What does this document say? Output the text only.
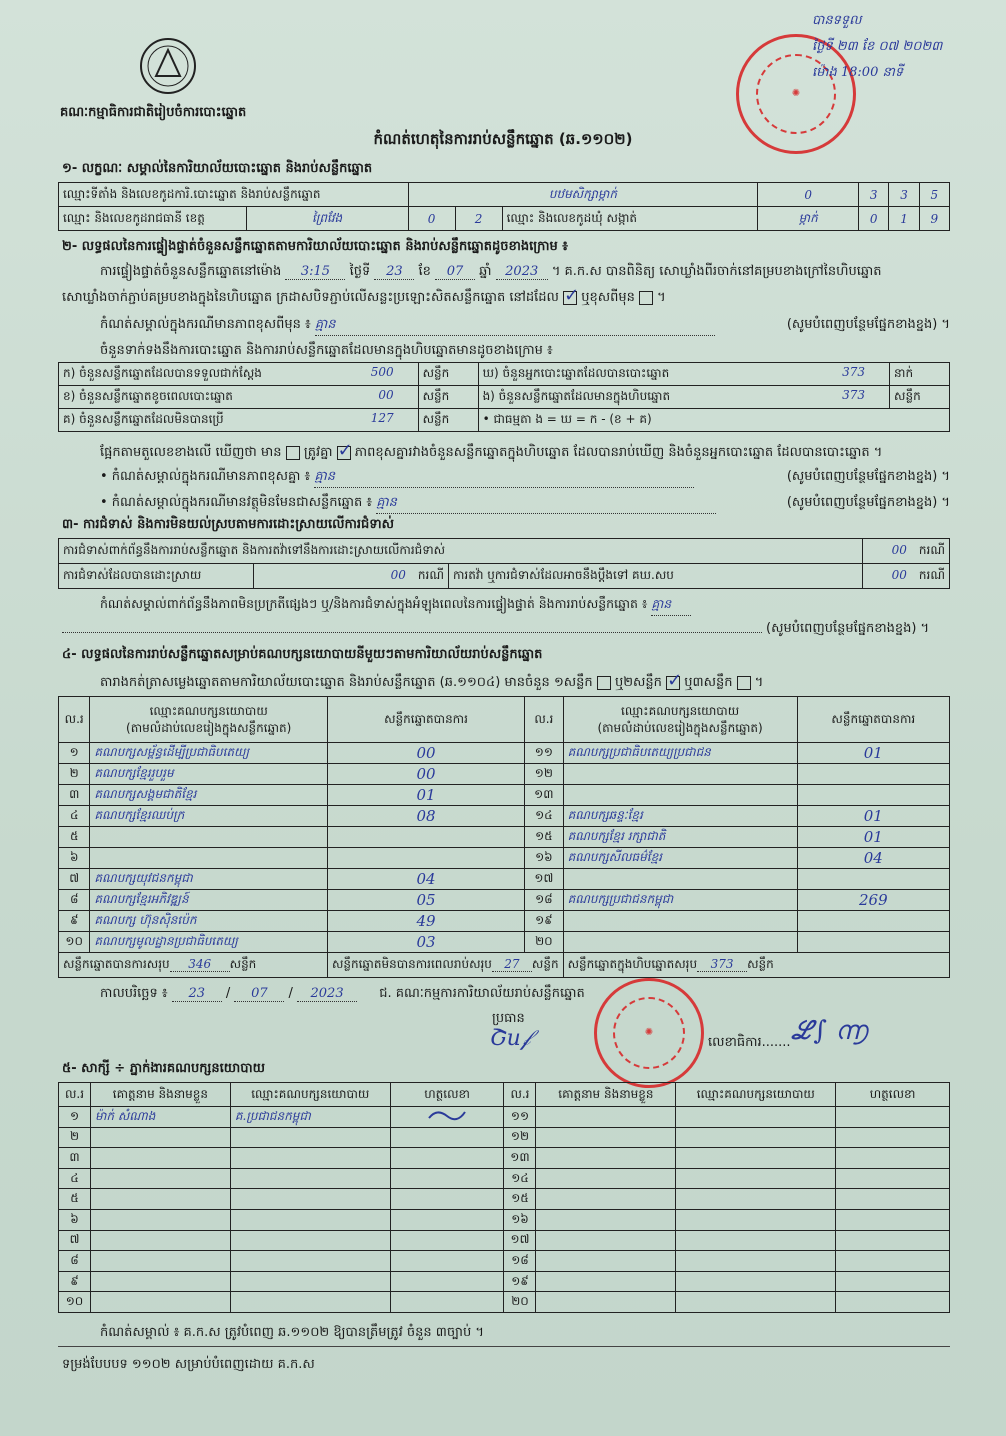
គណៈកម្មាធិការជាតិរៀបចំការបោះឆ្នោត
កំណត់ហេតុនៃការរាប់សន្លឹកឆ្នោត (ឆ.១១០២)
✺
បានទទួល
ថ្ងៃទី ២៣ ខែ ០៧ ២០២៣
ម៉ោង 18:00 នាទី
១- លក្ខណៈ សម្គាល់នៃការិយាល័យបោះឆ្នោត និងរាប់សន្លឹកឆ្នោត
ឈ្មោះទីតាំង និងលេខកូដការិ.បោះឆ្នោត និងរាប់សន្លឹកឆ្នោត		បឋមសិក្សាម្កាក់			0	3	3	5
ឈ្មោះ និងលេខកូដរាជធានី ខេត្ត	ព្រៃវែង	0	2	ឈ្មោះ និងលេខកូដឃុំ សង្កាត់	ម្កាក់	0	1	9
២- លទ្ធផលនៃការផ្ទៀងផ្ទាត់ចំនួនសន្លឹកឆ្នោតតាមការិយាល័យបោះឆ្នោត និងរាប់សន្លឹកឆ្នោតដូចខាងក្រោម ៖
ការផ្ទៀងផ្ទាត់ចំនួនសន្លឹកឆ្នោតនៅម៉ោង 3:15 ថ្ងៃទី 23 ខែ 07 ឆ្នាំ 2023 ។ គ.ក.ស បានពិនិត្យ សោឃ្លាំងពីរចាក់នៅគម្របខាងក្រៅនៃហិបឆ្នោត
សោឃ្លាំងចាក់ភ្ជាប់គម្របខាងក្នុងនៃហិបឆ្នោត ក្រដាសបិទភ្ជាប់លើសន្លះប្រឡោះសិតសន្លឹកឆ្នោត នៅដដែល ✓ ឬខុសពីមុន  ។
កំណត់សម្គាល់ក្នុងករណីមានភាពខុសពីមុន ៖ គ្មាន	(សូមបំពេញបន្ថែមផ្នែកខាងខ្នង) ។
ចំនួនទាក់ទងនឹងការបោះឆ្នោត និងការរាប់សន្លឹកឆ្នោតដែលមានក្នុងហិបឆ្នោតមានដូចខាងក្រោម ៖
ក) ចំនួនសន្លឹកឆ្នោតដែលបានទទួលជាក់ស្តែង 500	សន្លឹក	ឃ) ចំនួនអ្នកបោះឆ្នោតដែលបានបោះឆ្នោត 373	នាក់
ខ) ចំនួនសន្លឹកឆ្នោតខូចពេលបោះឆ្នោត 00	សន្លឹក	ង) ចំនួនសន្លឹកឆ្នោតដែលមានក្នុងហិបឆ្នោត 373	សន្លឹក
គ) ចំនួនសន្លឹកឆ្នោតដែលមិនបានប្រើ 127	សន្លឹក	• ជាធម្មតា ង = ឃ = ក - (ខ + គ)	
ផ្អែកតាមតួលេខខាងលើ ឃើញថា មាន ត្រូវគ្នា ✓ ភាពខុសគ្នារវាងចំនួនសន្លឹកឆ្នោតក្នុងហិបឆ្នោត ដែលបានរាប់ឃើញ និងចំនួនអ្នកបោះឆ្នោត ដែលបានបោះឆ្នោត ។
• កំណត់សម្គាល់ក្នុងករណីមានភាពខុសគ្នា ៖ គ្មាន	(សូមបំពេញបន្ថែមផ្នែកខាងខ្នង) ។
• កំណត់សម្គាល់ក្នុងករណីមានវត្ថុមិនមែនជាសន្លឹកឆ្នោត ៖ គ្មាន	(សូមបំពេញបន្ថែមផ្នែកខាងខ្នង) ។
៣- ការជំទាស់ និងការមិនយល់ស្របតាមការដោះស្រាយលើការជំទាស់
ការជំទាស់ពាក់ព័ន្ធនឹងការរាប់សន្លឹកឆ្នោត និងការតវ៉ាទៅនឹងការដោះស្រាយលើការជំទាស់			00 ករណី
ការជំទាស់ដែលបានដោះស្រាយ	00 ករណី	ការតវ៉ា ឬការជំទាស់ដែលអាចនឹងប្តឹងទៅ គឃ.សប	00 ករណី
កំណត់សម្គាល់ពាក់ព័ន្ធនឹងភាពមិនប្រក្រតីផ្សេងៗ ឬ/និងការជំទាស់ក្នុងអំឡុងពេលនៃការផ្ទៀងផ្ទាត់ និងការរាប់សន្លឹកឆ្នោត ៖ គ្មាន
(សូមបំពេញបន្ថែមផ្នែកខាងខ្នង) ។
៤- លទ្ធផលនៃការរាប់សន្លឹកឆ្នោតសម្រាប់គណបក្សនយោបាយនីមួយៗតាមការិយាល័យរាប់សន្លឹកឆ្នោត
តារាងកត់ត្រាសម្លេងឆ្នោតតាមការិយាល័យបោះឆ្នោត និងរាប់សន្លឹកឆ្នោត (ឆ.១១០៤) មានចំនួន ១សន្លឹក ឬ២សន្លឹក ✓ ឬ៣សន្លឹក  ។
ល.រ	ឈ្មោះគណបក្សនយោបាយ
(តាមលំដាប់លេខរៀងក្នុងសន្លឹកឆ្នោត)	សន្លឹកឆ្នោតបានការ	ល.រ	ឈ្មោះគណបក្សនយោបាយ
(តាមលំដាប់លេខរៀងក្នុងសន្លឹកឆ្នោត)	សន្លឹកឆ្នោតបានការ
១	គណបក្សសម្ព័ន្ធដើម្បីប្រជាធិបតេយ្យ	00	១១	គណបក្សប្រជាធិបតេយ្យប្រជាជន	01
២	គណបក្សខ្មែររួបរួម	00	១២		
៣	គណបក្សសង្គមជាតិខ្មែរ	01	១៣		
៤	គណបក្សខ្មែរឈប់ក្រ	08	១៤	គណបក្សឆន្ទៈខ្មែរ	01
៥			១៥	គណបក្សខ្មែរ រក្សាជាតិ	01
៦			១៦	គណបក្សសីលធម៌ខ្មែរ	04
៧	គណបក្សយុវជនកម្ពុជា	04	១៧		
៨	គណបក្សខ្មែរអភិវឌ្ឍន៍	05	១៨	គណបក្សប្រជាជនកម្ពុជា	269
៩	គណបក្ស ហ៊ុនស៊ិនប៉េក	49	១៩		
១០	គណបក្សមូលដ្ឋានប្រជាធិបតេយ្យ	03	២០		
សន្លឹកឆ្នោតបានការសរុប 346 សន្លឹក		សន្លឹកឆ្នោតមិនបានការពេលរាប់សរុប 27 សន្លឹក		សន្លឹកឆ្នោតក្នុងហិបឆ្នោតសរុប 373 សន្លឹក	
កាលបរិច្ឆេទ ៖ 23 / 07 / 2023	ជ. គណៈកម្មការការិយាល័យរាប់សន្លឹកឆ្នោត
ប្រធាន
Շu𝒻	✺
លេខាធិការ....... ℒ∫ ൬
៥- សាក្សី ÷ ភ្នាក់ងារគណបក្សនយោបាយ
ល.រ	គោត្តនាម និងនាមខ្លួន	ឈ្មោះគណបក្សនយោបាយ	ហត្ថលេខា	ល.រ	គោត្តនាម និងនាមខ្លួន	ឈ្មោះគណបក្សនយោបាយ	ហត្ថលេខា
១	ម៉ាក់ សំណាង	គ.ប្រជាជនកម្ពុជា		១១			
២				១២			
៣				១៣			
៤				១៤			
៥				១៥			
៦				១៦			
៧				១៧			
៨				១៨			
៩				១៩			
១០				២០			
កំណត់សម្គាល់ ៖ គ.ក.ស ត្រូវបំពេញ ឆ.១១០២ ឱ្យបានត្រឹមត្រូវ ចំនួន ៣ច្បាប់ ។
ទម្រង់បែបបទ ១១០២ សម្រាប់បំពេញដោយ គ.ក.ស
